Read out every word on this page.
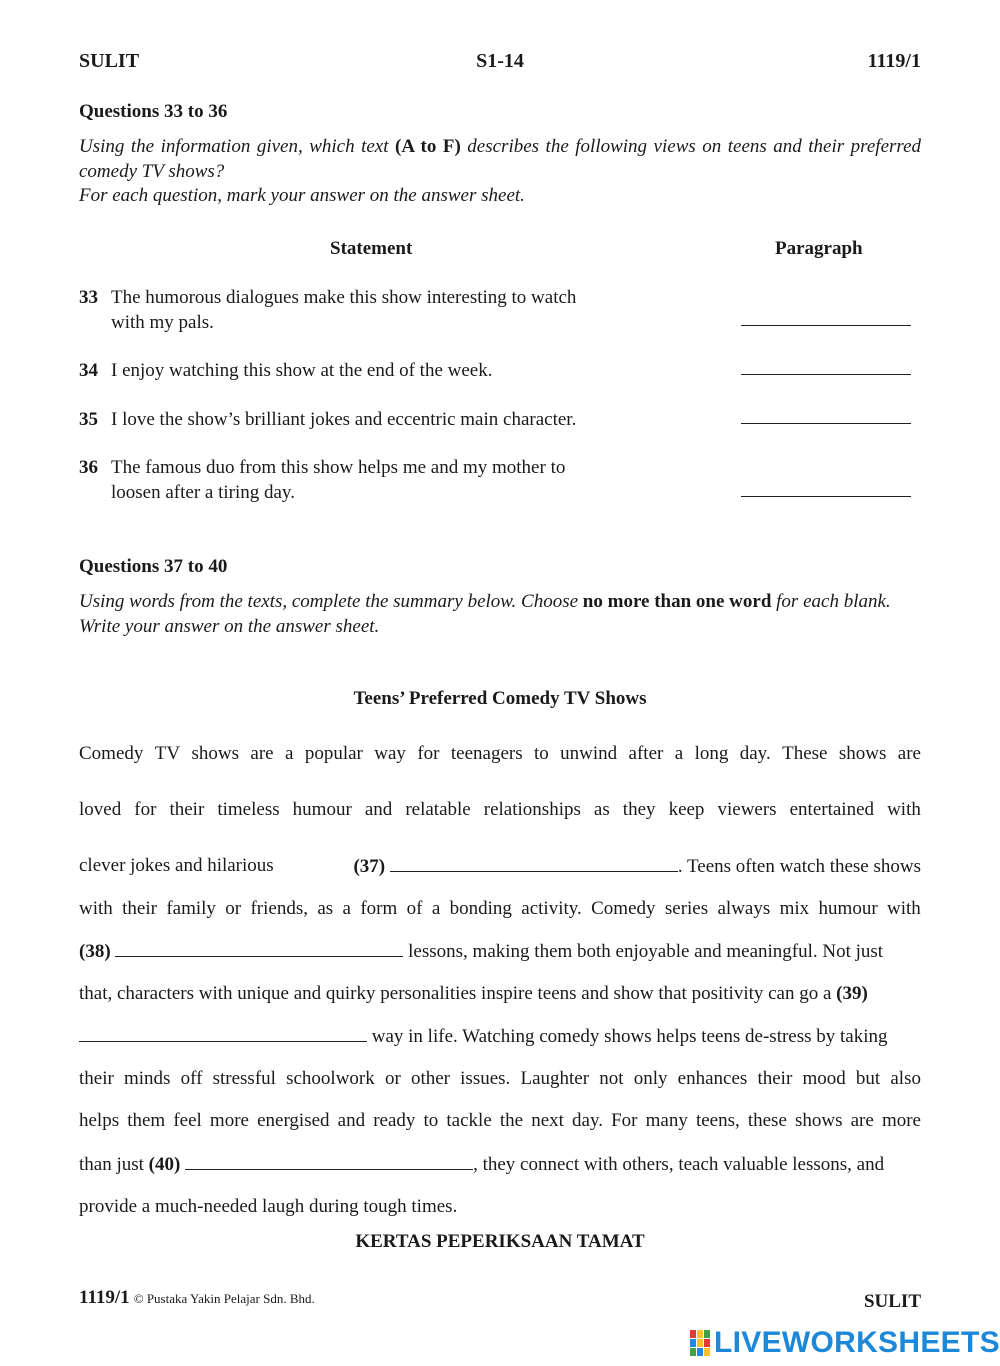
SULIT	S1-14	1119/1
Questions 33 to 36
Using the information given, which text (A to F) describes the following views on teens and their preferred comedy TV shows?
For each question, mark your answer on the answer sheet.
Statement	Paragraph
33 The humorous dialogues make this show interesting to watch
with my pals.
34 I enjoy watching this show at the end of the week.
35 I love the show’s brilliant jokes and eccentric main character.
36 The famous duo from this show helps me and my mother to
loosen after a tiring day.
Questions 37 to 40
Using words from the texts, complete the summary below. Choose no more than one word for each blank.
Write your answer on the answer sheet.
Teens’ Preferred Comedy TV Shows
Comedy TV shows are a popular way for teenagers to unwind after a long day. These shows are
loved for their timeless humour and relatable relationships as they keep viewers entertained with
clever jokes and hilarious	(37)	. Teens often watch these shows
with their family or friends, as a form of a bonding activity. Comedy series always mix humour with
(38)	lessons, making them both enjoyable and meaningful. Not just
that, characters with unique and quirky personalities inspire teens and show that positivity can go a (39)
way in life. Watching comedy shows helps teens de-stress by taking
their minds off stressful schoolwork or other issues. Laughter not only enhances their mood but also
helps them feel more energised and ready to tackle the next day. For many teens, these shows are more
than just (40)	, they connect with others, teach valuable lessons, and
provide a much-needed laugh during tough times.
KERTAS PEPERIKSAAN TAMAT
1119/1 © Pustaka Yakin Pelajar Sdn. Bhd.	SULIT
LIVEWORKSHEETS
